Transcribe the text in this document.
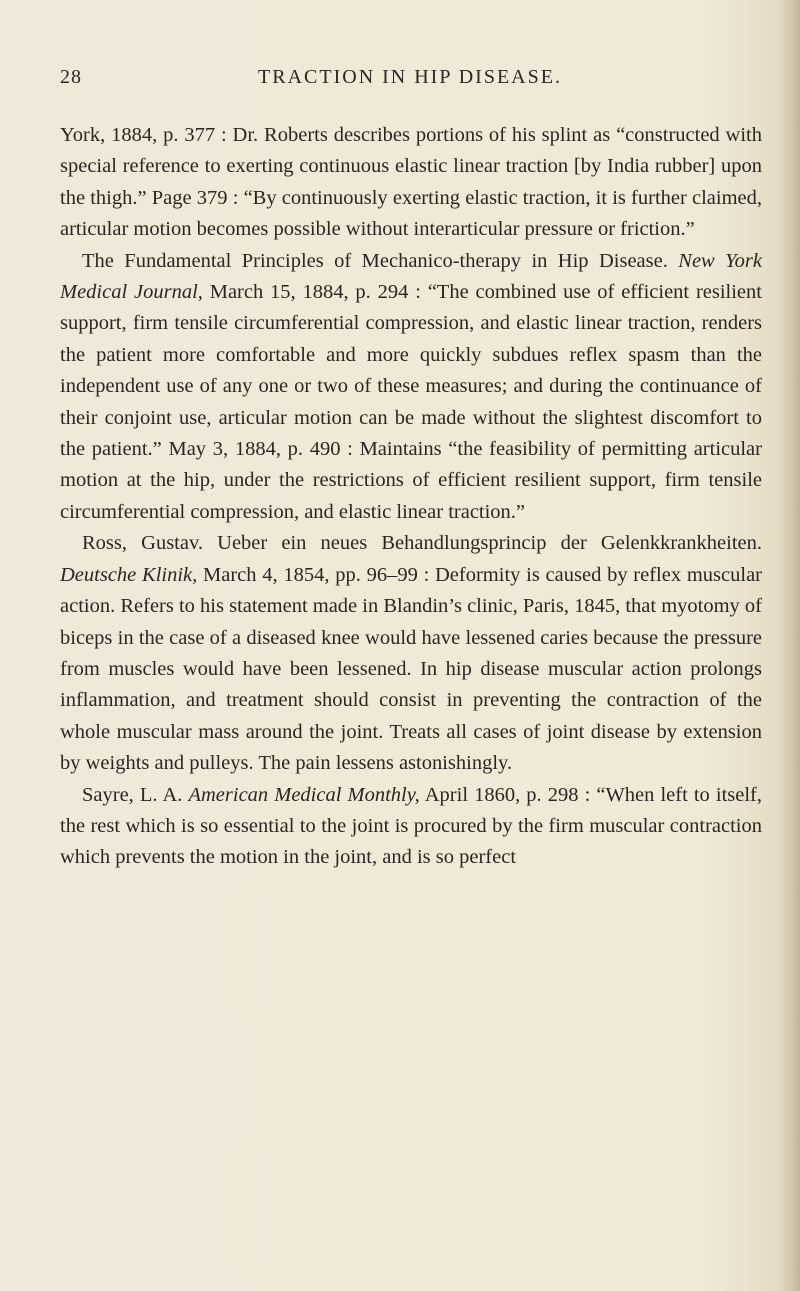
28	TRACTION IN HIP DISEASE.

York, 1884, p. 377 : Dr. Roberts describes portions of his splint as “constructed with special reference to exerting continuous elastic linear traction [by India rubber] upon the thigh.” Page 379 : “By continuously exerting elastic traction, it is further claimed, articular motion becomes possible without interarticular pressure or friction.”

The Fundamental Principles of Mechanico-therapy in Hip Disease. New York Medical Journal, March 15, 1884, p. 294 : “The combined use of efficient resilient support, firm tensile circumferential compression, and elastic linear traction, renders the patient more comfortable and more quickly subdues reflex spasm than the independent use of any one or two of these measures; and during the continuance of their conjoint use, articular motion can be made without the slightest discomfort to the patient.” May 3, 1884, p. 490 : Maintains “the feasibility of permitting articular motion at the hip, under the restrictions of efficient resilient support, firm tensile circumferential compression, and elastic linear traction.”

Ross, Gustav. Ueber ein neues Behandlungsprincip der Gelenkkrankheiten. Deutsche Klinik, March 4, 1854, pp. 96–99 : Deformity is caused by reflex muscular action. Refers to his statement made in Blandin’s clinic, Paris, 1845, that myotomy of biceps in the case of a diseased knee would have lessened caries because the pressure from muscles would have been lessened. In hip disease muscular action prolongs inflammation, and treatment should consist in preventing the contraction of the whole muscular mass around the joint. Treats all cases of joint disease by extension by weights and pulleys. The pain lessens astonishingly.

Sayre, L. A. American Medical Monthly, April 1860, p. 298 : “When left to itself, the rest which is so essential to the joint is procured by the firm muscular contraction which prevents the motion in the joint, and is so perfect
